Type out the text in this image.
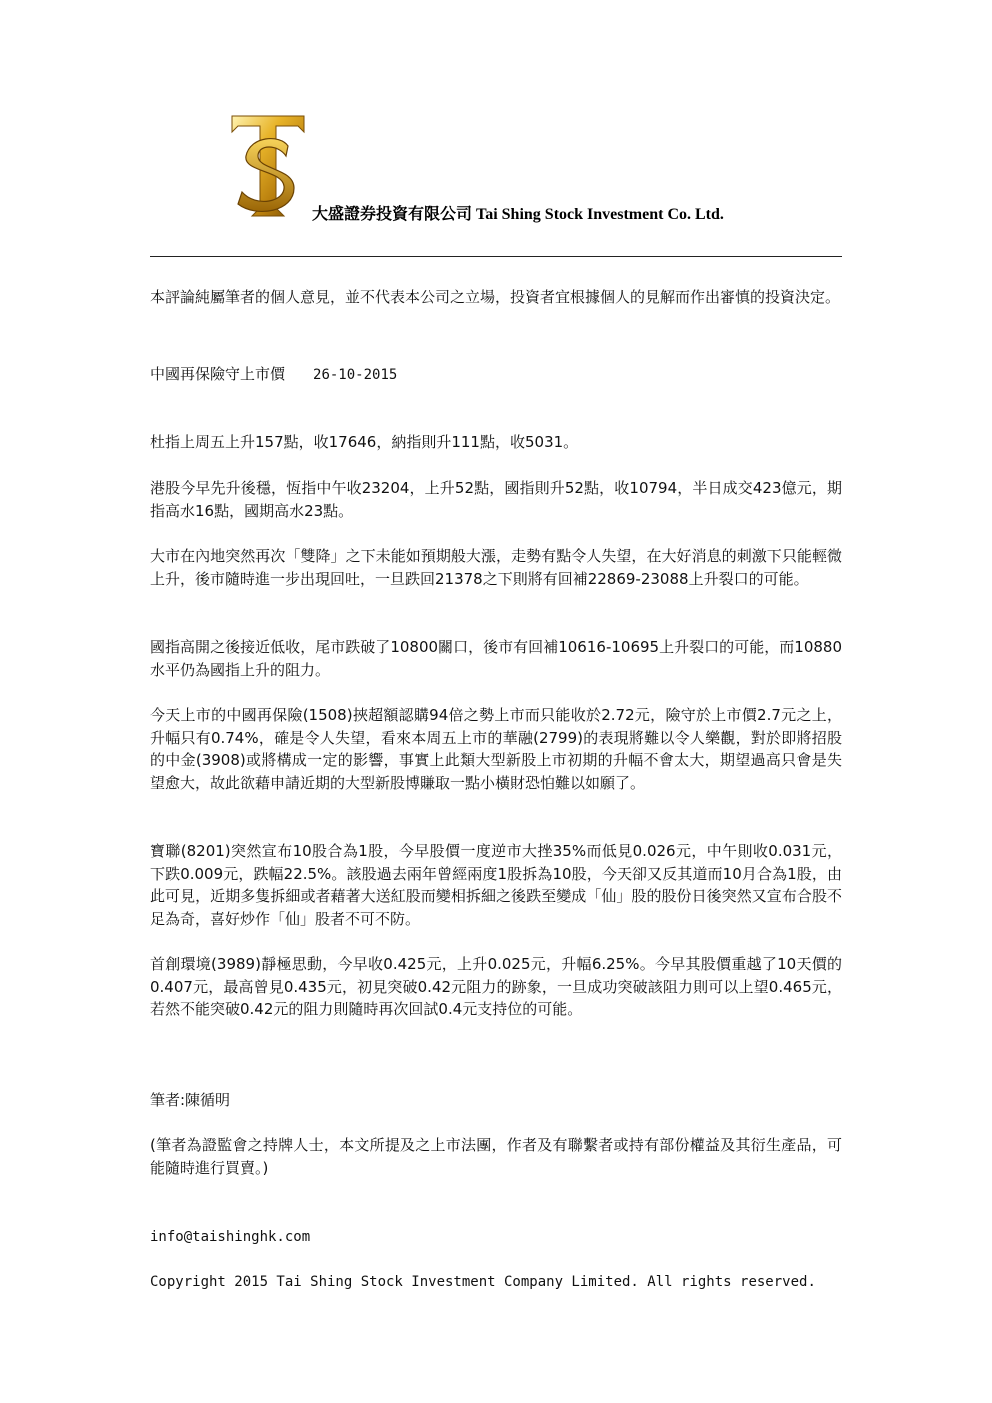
大盛證券投資有限公司 Tai Shing Stock Investment Co. Ltd.

本評論純屬筆者的個人意見，並不代表本公司之立場，投資者宜根據個人的見解而作出審慎的投資決定。

中國再保險守上市價 26-10-2015

杜指上周五上升157點，收17646，納指則升111點，收5031。

港股今早先升後穩，恆指中午收23204，上升52點，國指則升52點，收10794，半日成交423億元，期指高水16點，國期高水23點。

大市在內地突然再次「雙降」之下未能如預期般大漲，走勢有點令人失望，在大好消息的刺激下只能輕微上升，後市隨時進一步出現回吐，一旦跌回21378之下則將有回補22869-23088上升裂口的可能。

國指高開之後接近低收，尾市跌破了10800關口，後市有回補10616-10695上升裂口的可能，而10880水平仍為國指上升的阻力。

今天上市的中國再保險(1508)挾超額認購94倍之勢上市而只能收於2.72元，險守於上市價2.7元之上，升幅只有0.74%，確是令人失望，看來本周五上市的華融(2799)的表現將難以令人樂觀，對於即將招股的中金(3908)或將構成一定的影響，事實上此類大型新股上市初期的升幅不會太大，期望過高只會是失望愈大，故此欲藉申請近期的大型新股博賺取一點小橫財恐怕難以如願了。

寶聯(8201)突然宣布10股合為1股，今早股價一度逆市大挫35%而低見0.026元，中午則收0.031元，下跌0.009元，跌幅22.5%。該股過去兩年曾經兩度1股拆為10股，今天卻又反其道而10月合為1股，由此可見，近期多隻拆細或者藉著大送紅股而變相拆細之後跌至變成「仙」股的股份日後突然又宣布合股不足為奇，喜好炒作「仙」股者不可不防。

首創環境(3989)靜極思動，今早收0.425元，上升0.025元，升幅6.25%。今早其股價重越了10天價的0.407元，最高曾見0.435元，初見突破0.42元阻力的跡象，一旦成功突破該阻力則可以上望0.465元，若然不能突破0.42元的阻力則隨時再次回試0.4元支持位的可能。

筆者:陳循明

(筆者為證監會之持牌人士，本文所提及之上市法團，作者及有聯繫者或持有部份權益及其衍生產品，可能隨時進行買賣。)

info@taishinghk.com

Copyright 2015 Tai Shing Stock Investment Company Limited. All rights reserved.
